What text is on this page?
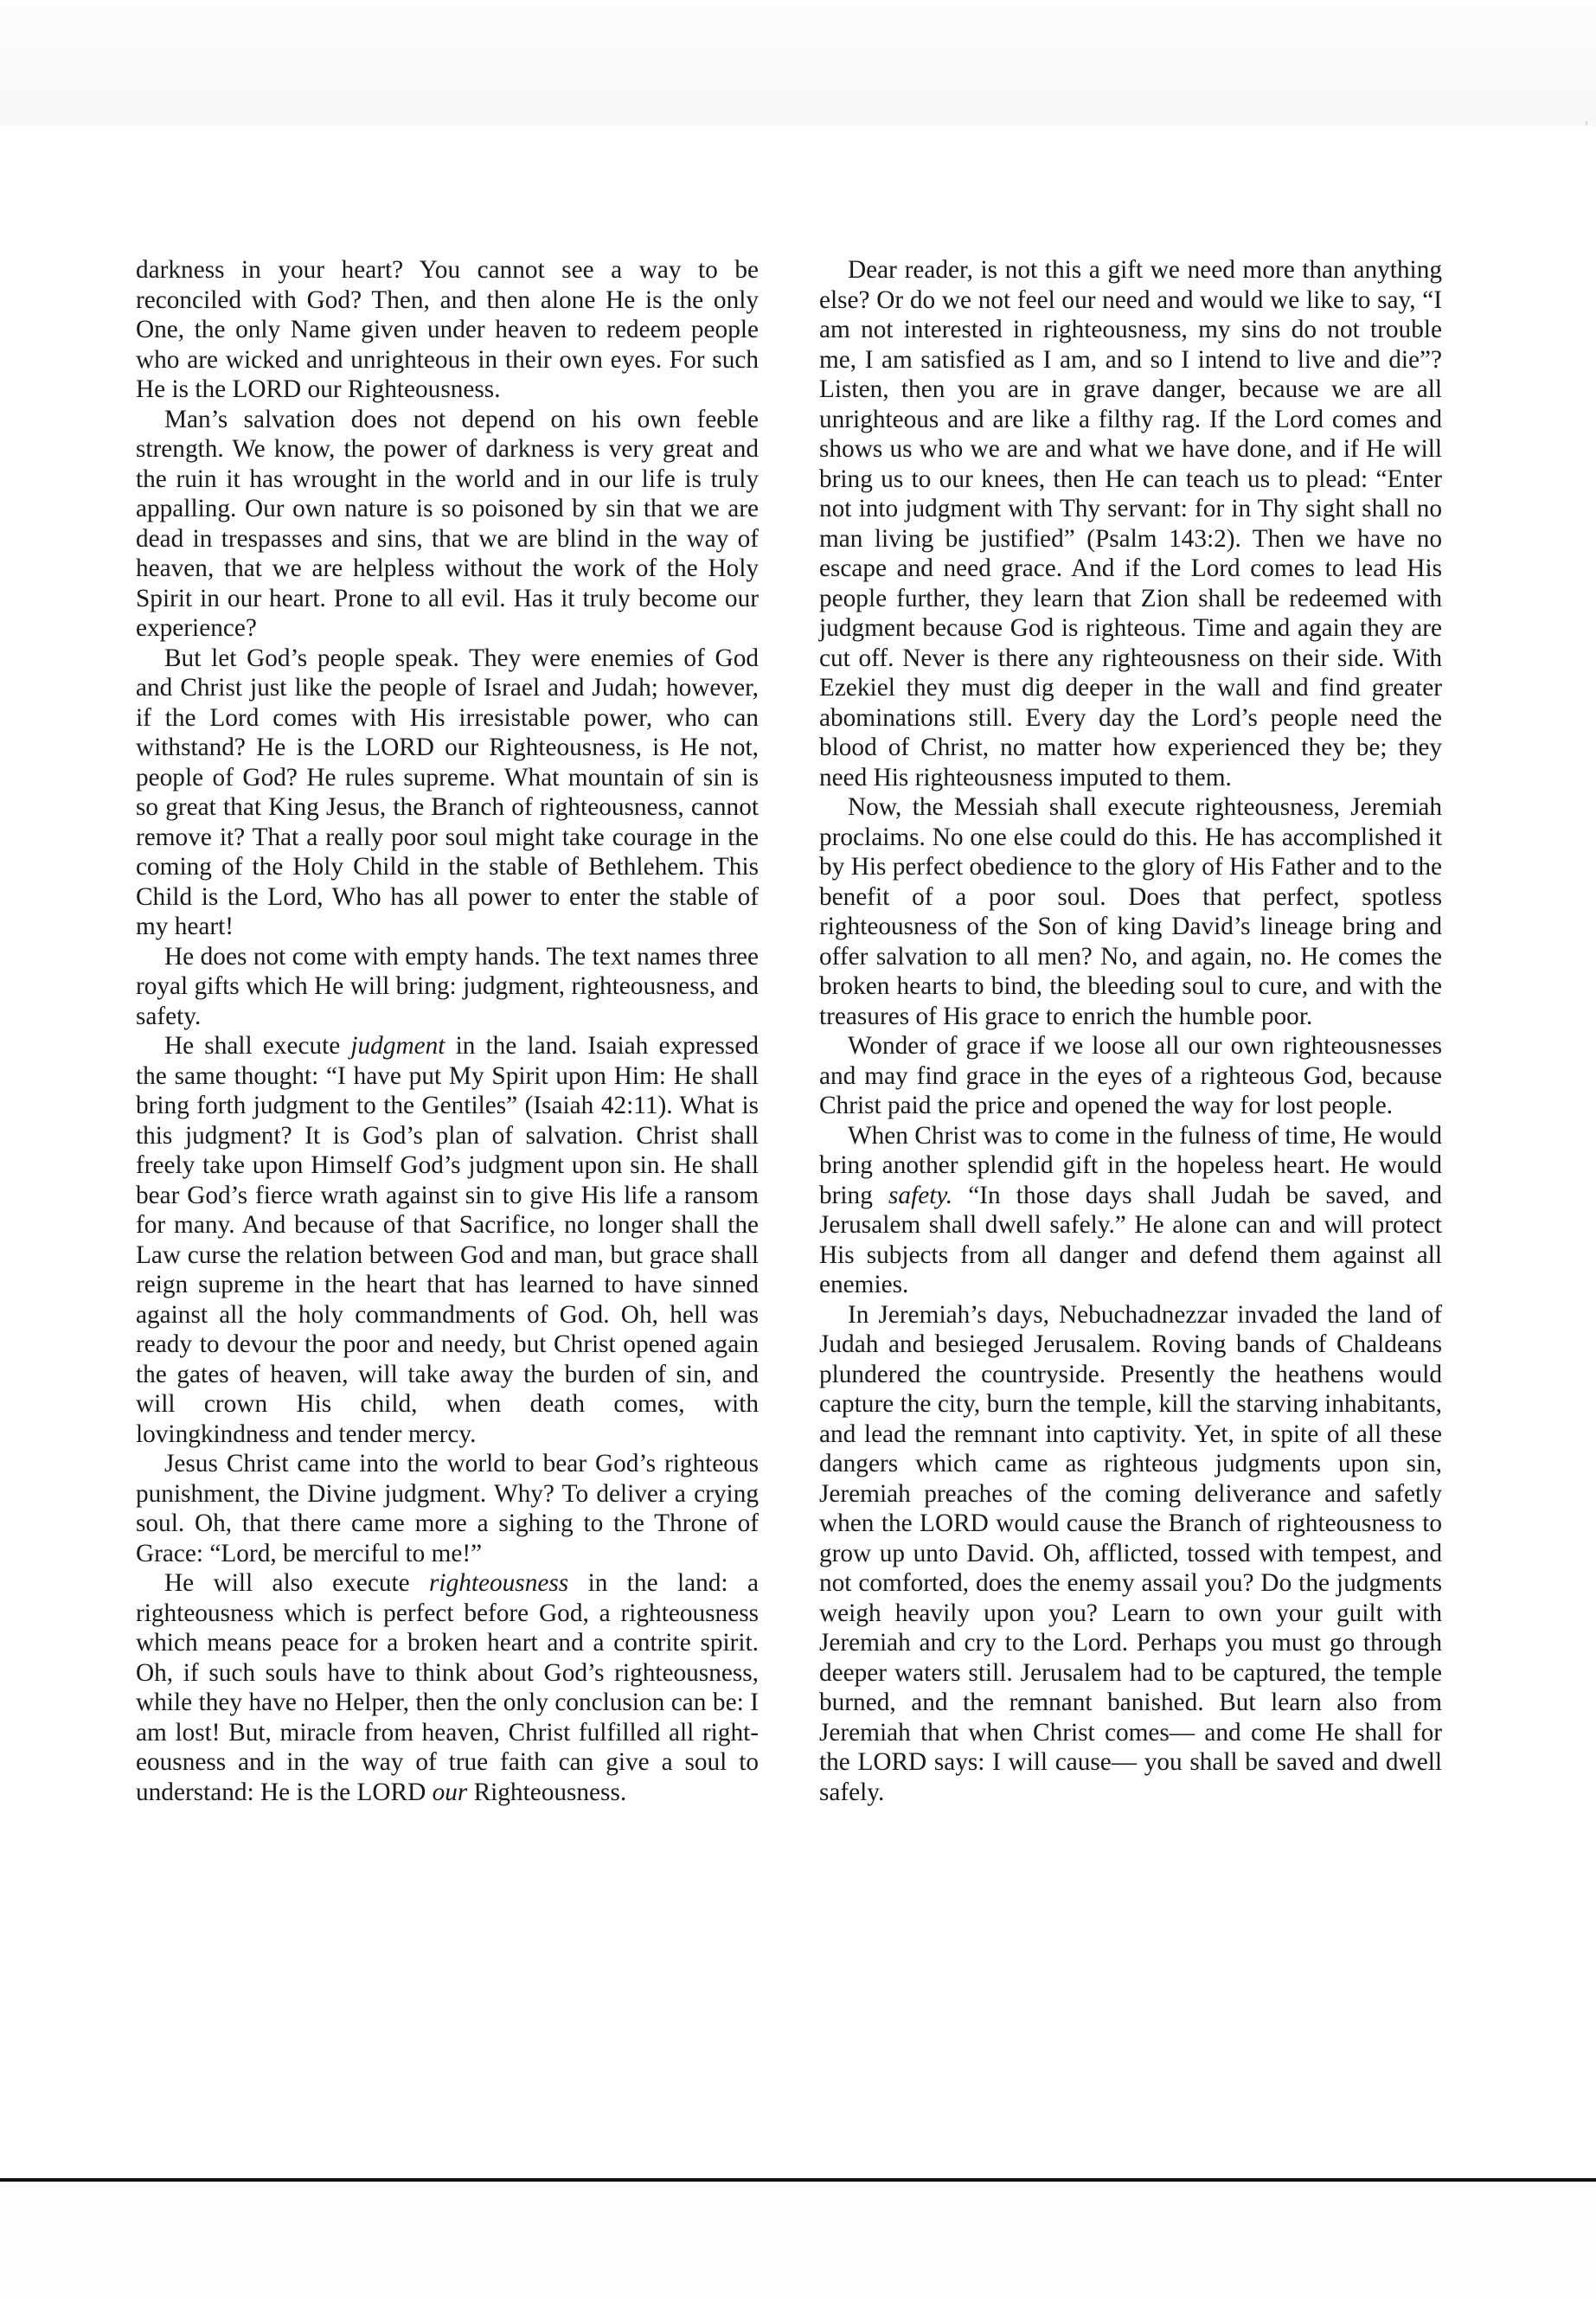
darkness in your heart? You cannot see a way to be reconciled with God? Then, and then alone He is the only One, the only Name given under heaven to redeem people who are wicked and unrighteous in their own eyes. For such He is the LORD our Righteousness.

Man’s salvation does not depend on his own feeble strength. We know, the power of darkness is very great and the ruin it has wrought in the world and in our life is truly appalling. Our own nature is so poisoned by sin that we are dead in trespasses and sins, that we are blind in the way of heaven, that we are helpless without the work of the Holy Spirit in our heart. Prone to all evil. Has it truly become our experience?

But let God’s people speak. They were enemies of God and Christ just like the people of Israel and Judah; however, if the Lord comes with His irresistable power, who can withstand? He is the LORD our Righteousness, is He not, people of God? He rules supreme. What mountain of sin is so great that King Jesus, the Branch of righteousness, cannot remove it? That a really poor soul might take courage in the coming of the Holy Child in the stable of Bethlehem. This Child is the Lord, Who has all power to enter the stable of my heart!

He does not come with empty hands. The text names three royal gifts which He will bring: judgment, righteousness, and safety.

He shall execute judgment in the land. Isaiah expressed the same thought: “I have put My Spirit upon Him: He shall bring forth judgment to the Gentiles” (Isaiah 42:11). What is this judgment? It is God’s plan of salvation. Christ shall freely take upon Himself God’s judgment upon sin. He shall bear God’s fierce wrath against sin to give His life a ransom for many. And because of that Sacrifice, no longer shall the Law curse the relation between God and man, but grace shall reign supreme in the heart that has learned to have sinned against all the holy commandments of God. Oh, hell was ready to devour the poor and needy, but Christ opened again the gates of heaven, will take away the burden of sin, and will crown His child, when death comes, with lovingkindness and tender mercy.

Jesus Christ came into the world to bear God’s righteous punishment, the Divine judgment. Why? To deliver a crying soul. Oh, that there came more a sighing to the Throne of Grace: “Lord, be merciful to me!”

He will also execute righteousness in the land: a righteousness which is perfect before God, a righteousness which means peace for a broken heart and a contrite spirit. Oh, if such souls have to think about God’s righteousness, while they have no Helper, then the only conclusion can be: I am lost! But, miracle from heaven, Christ fulfilled all righteousness and in the way of true faith can give a soul to understand: He is the LORD our Righteousness.

Dear reader, is not this a gift we need more than anything else? Or do we not feel our need and would we like to say, “I am not interested in righteousness, my sins do not trouble me, I am satisfied as I am, and so I intend to live and die”? Listen, then you are in grave danger, because we are all unrighteous and are like a filthy rag. If the Lord comes and shows us who we are and what we have done, and if He will bring us to our knees, then He can teach us to plead: “Enter not into judgment with Thy servant: for in Thy sight shall no man living be justified” (Psalm 143:2). Then we have no escape and need grace. And if the Lord comes to lead His people further, they learn that Zion shall be redeemed with judgment because God is righteous. Time and again they are cut off. Never is there any righteousness on their side. With Ezekiel they must dig deeper in the wall and find greater abominations still. Every day the Lord’s people need the blood of Christ, no matter how experienced they be; they need His righteousness imputed to them.

Now, the Messiah shall execute righteousness, Jeremiah proclaims. No one else could do this. He has accomplished it by His perfect obedience to the glory of His Father and to the benefit of a poor soul. Does that perfect, spotless righteousness of the Son of king David’s lineage bring and offer salvation to all men? No, and again, no. He comes the broken hearts to bind, the bleeding soul to cure, and with the treasures of His grace to enrich the humble poor.

Wonder of grace if we loose all our own righteousnesses and may find grace in the eyes of a righteous God, because Christ paid the price and opened the way for lost people.

When Christ was to come in the fulness of time, He would bring another splendid gift in the hopeless heart. He would bring safety. “In those days shall Judah be saved, and Jerusalem shall dwell safely.” He alone can and will protect His subjects from all danger and defend them against all enemies.

In Jeremiah’s days, Nebuchadnezzar invaded the land of Judah and besieged Jerusalem. Roving bands of Chaldeans plundered the countryside. Presently the heathens would capture the city, burn the temple, kill the starving inhabitants, and lead the remnant into captivity. Yet, in spite of all these dangers which came as righteous judgments upon sin, Jeremiah preaches of the coming deliverance and safetly when the LORD would cause the Branch of righteousness to grow up unto David. Oh, afflicted, tossed with tempest, and not comforted, does the enemy assail you? Do the judgments weigh heavily upon you? Learn to own your guilt with Jeremiah and cry to the Lord. Perhaps you must go through deeper waters still. Jerusalem had to be captured, the temple burned, and the remnant banished. But learn also from Jeremiah that when Christ comes— and come He shall for the LORD says: I will cause— you shall be saved and dwell safely.
